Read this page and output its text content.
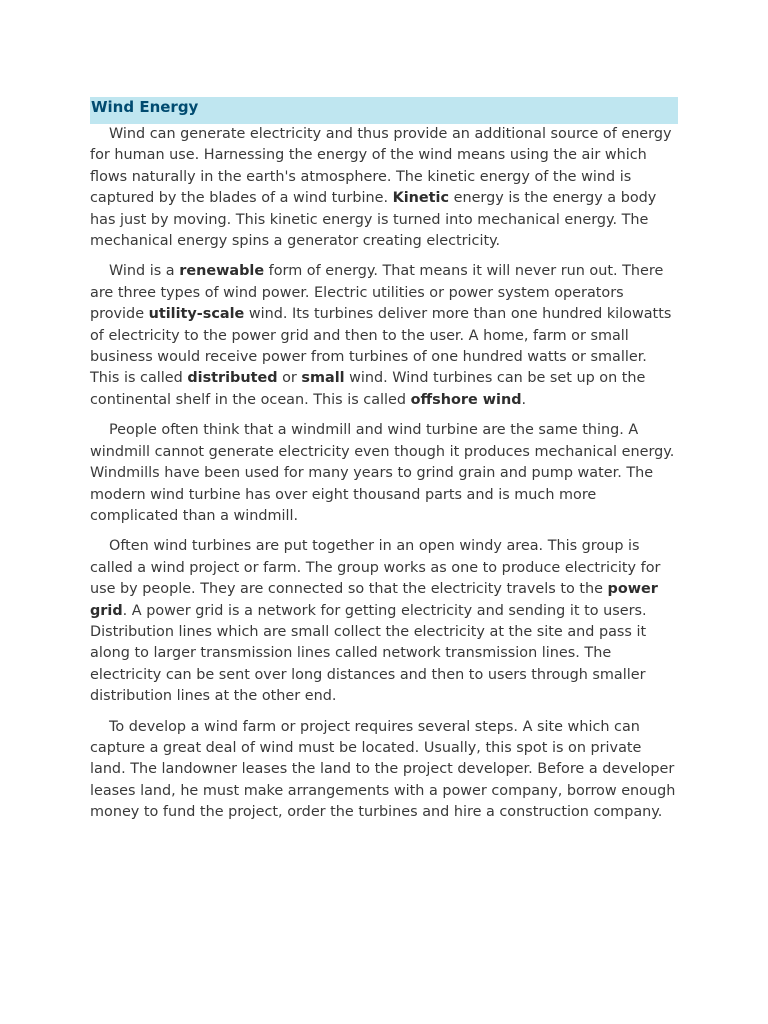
Wind Energy

Wind can generate electricity and thus provide an additional source of energy for human use. Harnessing the energy of the wind means using the air which flows naturally in the earth's atmosphere. The kinetic energy of the wind is captured by the blades of a wind turbine. Kinetic energy is the energy a body has just by moving. This kinetic energy is turned into mechanical energy. The mechanical energy spins a generator creating electricity.

Wind is a renewable form of energy. That means it will never run out. There are three types of wind power. Electric utilities or power system operators provide utility-scale wind. Its turbines deliver more than one hundred kilowatts of electricity to the power grid and then to the user. A home, farm or small business would receive power from turbines of one hundred watts or smaller. This is called distributed or small wind. Wind turbines can be set up on the continental shelf in the ocean. This is called offshore wind.

People often think that a windmill and wind turbine are the same thing. A windmill cannot generate electricity even though it produces mechanical energy. Windmills have been used for many years to grind grain and pump water. The modern wind turbine has over eight thousand parts and is much more complicated than a windmill.

Often wind turbines are put together in an open windy area. This group is called a wind project or farm. The group works as one to produce electricity for use by people. They are connected so that the electricity travels to the power grid. A power grid is a network for getting electricity and sending it to users. Distribution lines which are small collect the electricity at the site and pass it along to larger transmission lines called network transmission lines. The electricity can be sent over long distances and then to users through smaller distribution lines at the other end.

To develop a wind farm or project requires several steps. A site which can capture a great deal of wind must be located. Usually, this spot is on private land. The landowner leases the land to the project developer. Before a developer leases land, he must make arrangements with a power company, borrow enough money to fund the project, order the turbines and hire a construction company.
